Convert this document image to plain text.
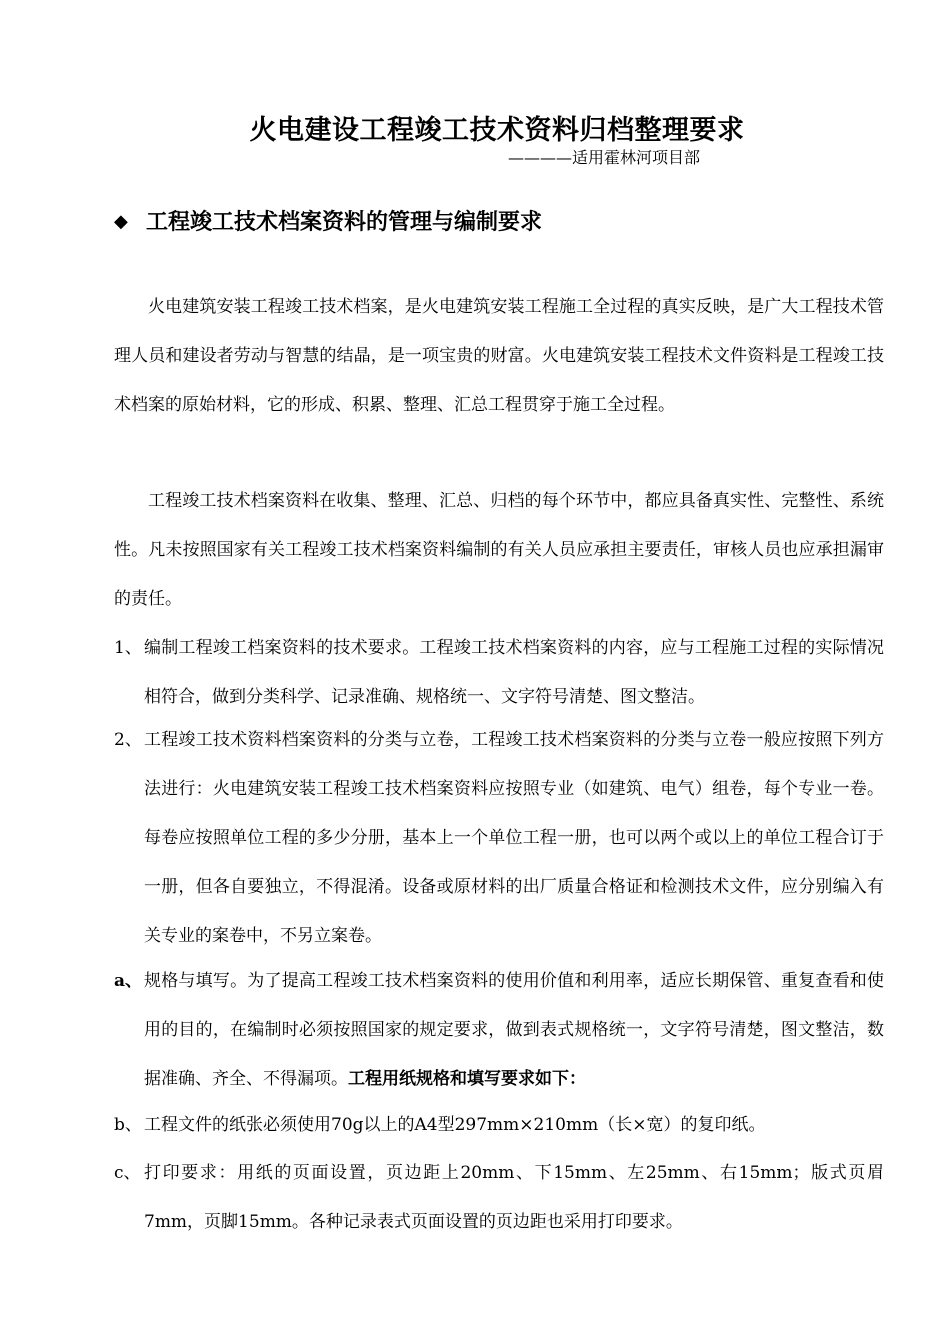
火电建设工程竣工技术资料归档整理要求
————适用霍林河项目部
◆ 工程竣工技术档案资料的管理与编制要求
火电建筑安装工程竣工技术档案，是火电建筑安装工程施工全过程的真实反映，是广大工程技术管理人员和建设者劳动与智慧的结晶，是一项宝贵的财富。火电建筑安装工程技术文件资料是工程竣工技术档案的原始材料，它的形成、积累、整理、汇总工程贯穿于施工全过程。
工程竣工技术档案资料在收集、整理、汇总、归档的每个环节中，都应具备真实性、完整性、系统性。凡未按照国家有关工程竣工技术档案资料编制的有关人员应承担主要责任，审核人员也应承担漏审的责任。
1、 编制工程竣工档案资料的技术要求。工程竣工技术档案资料的内容，应与工程施工过程的实际情况相符合，做到分类科学、记录准确、规格统一、文字符号清楚、图文整洁。
2、 工程竣工技术资料档案资料的分类与立卷，工程竣工技术档案资料的分类与立卷一般应按照下列方法进行：火电建筑安装工程竣工技术档案资料应按照专业（如建筑、电气）组卷，每个专业一卷。每卷应按照单位工程的多少分册，基本上一个单位工程一册，也可以两个或以上的单位工程合订于一册，但各自要独立，不得混淆。设备或原材料的出厂质量合格证和检测技术文件，应分别编入有关专业的案卷中，不另立案卷。
a、 规格与填写。为了提高工程竣工技术档案资料的使用价值和利用率，适应长期保管、重复查看和使用的目的，在编制时必须按照国家的规定要求，做到表式规格统一，文字符号清楚，图文整洁，数据准确、齐全、不得漏项。工程用纸规格和填写要求如下：
b、 工程文件的纸张必须使用70g以上的A4型297mm×210mm（长×宽）的复印纸。
c、 打印要求：用纸的页面设置，页边距上20mm、下15mm、左25mm、右15mm；版式页眉7mm，页脚15mm。各种记录表式页面设置的页边距也采用打印要求。
